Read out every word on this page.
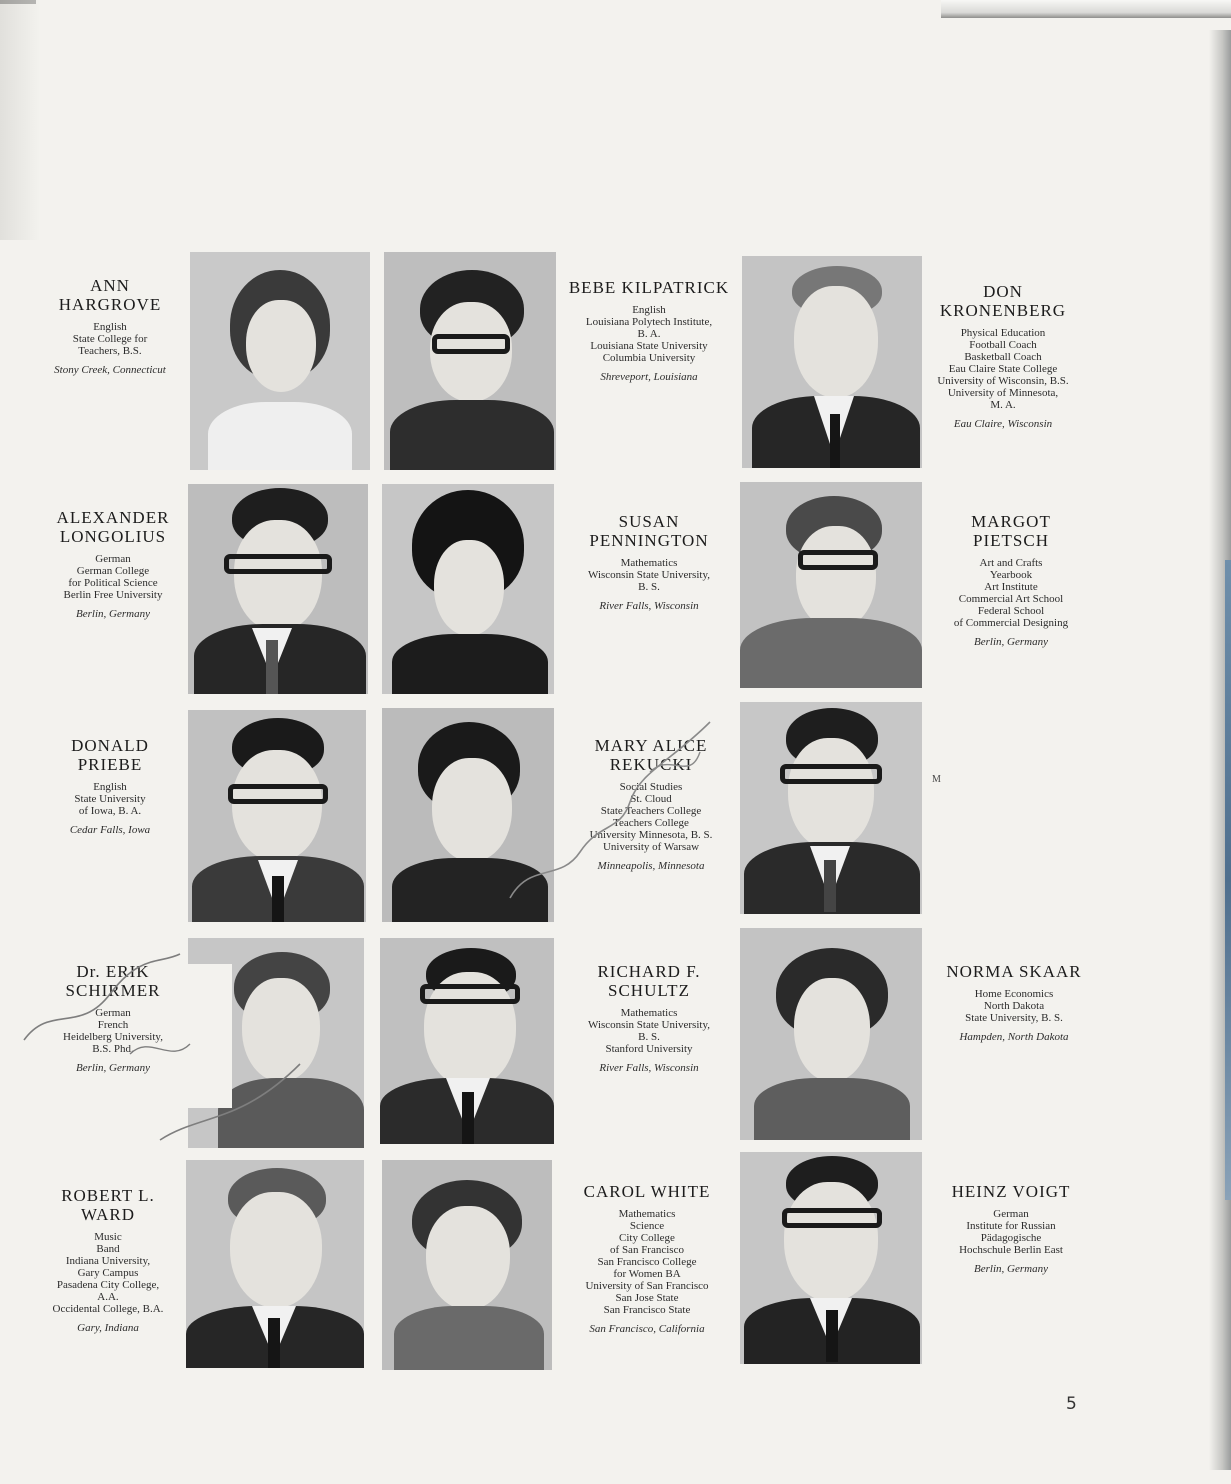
ANN HARGROVE
English
State College for
Teachers, B.S.
Stony Creek, Connecticut
BEBE KILPATRICK
English
Louisiana Polytech Institute,
B. A.
Louisiana State University
Columbia University
Shreveport, Louisiana
DON KRONENBERG
Physical Education
Football Coach
Basketball Coach
Eau Claire State College
University of Wisconsin, B.S.
University of Minnesota,
M. A.
Eau Claire, Wisconsin
ALEXANDER LONGOLIUS
German
German College
for Political Science
Berlin Free University
Berlin, Germany
SUSAN PENNINGTON
Mathematics
Wisconsin State University,
B. S.
River Falls, Wisconsin
MARGOT PIETSCH
Art and Crafts
Yearbook
Art Institute
Commercial Art School
Federal School
of Commercial Designing
Berlin, Germany
DONALD PRIEBE
English
State University
of Iowa, B. A.
Cedar Falls, Iowa
MARY ALICE REKUCKI
Social Studies
St. Cloud
State Teachers College
Teachers College
University Minnesota, B. S.
University of Warsaw
Minneapolis, Minnesota
M
Dr. ERIK SCHIRMER
German
French
Heidelberg University,
B.S. Phd.
Berlin, Germany
RICHARD F. SCHULTZ
Mathematics
Wisconsin State University,
B. S.
Stanford University
River Falls, Wisconsin
NORMA SKAAR
Home Economics
North Dakota
State University, B. S.
Hampden, North Dakota
ROBERT L. WARD
Music
Band
Indiana University,
Gary Campus
Pasadena City College,
A.A.
Occidental College, B.A.
Gary, Indiana
CAROL WHITE
Mathematics
Science
City College
of San Francisco
San Francisco College
for Women BA
University of San Francisco
San Jose State
San Francisco State
San Francisco, California
HEINZ VOIGT
German
Institute for Russian
Pädagogische
Hochschule Berlin East
Berlin, Germany
5
